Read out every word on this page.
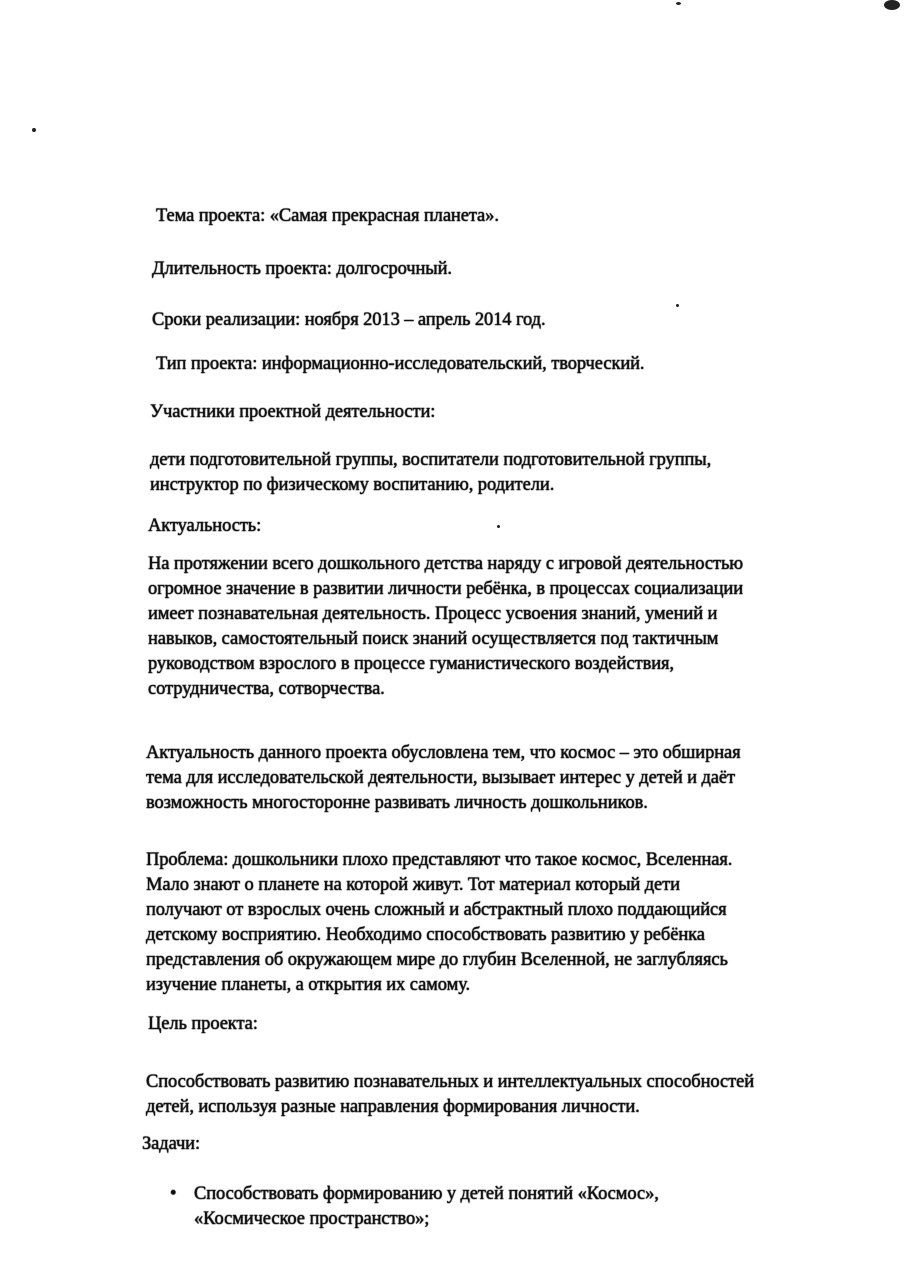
Тема проекта: «Самая прекрасная планета».
Длительность проекта: долгосрочный.
Сроки реализации: ноября 2013 – апрель 2014 год.
Тип проекта: информационно-исследовательский, творческий.
Участники проектной деятельности:
дети подготовительной группы, воспитатели подготовительной группы,
инструктор по физическому воспитанию, родители.
Актуальность:
На протяжении всего дошкольного детства наряду с игровой деятельностью
огромное значение в развитии личности ребёнка, в процессах социализации
имеет познавательная деятельность. Процесс усвоения знаний, умений и
навыков, самостоятельный поиск знаний осуществляется под тактичным
руководством взрослого в процессе гуманистического воздействия,
сотрудничества, сотворчества.
Актуальность данного проекта обусловлена тем, что космос – это обширная
тема для исследовательской деятельности, вызывает интерес у детей и даёт
возможность многосторонне развивать личность дошкольников.
Проблема: дошкольники плохо представляют что такое космос, Вселенная.
Мало знают о планете на которой живут. Тот материал который дети
получают от взрослых очень сложный и абстрактный плохо поддающийся
детскому восприятию. Необходимо способствовать развитию у ребёнка
представления об окружающем мире до глубин Вселенной, не заглубляясь
изучение планеты, а открытия их самому.
Цель проекта:
Способствовать развитию познавательных и интеллектуальных способностей
детей, используя разные направления формирования личности.
Задачи:
• Способствовать формированию у детей понятий «Космос»,
«Космическое пространство»;
